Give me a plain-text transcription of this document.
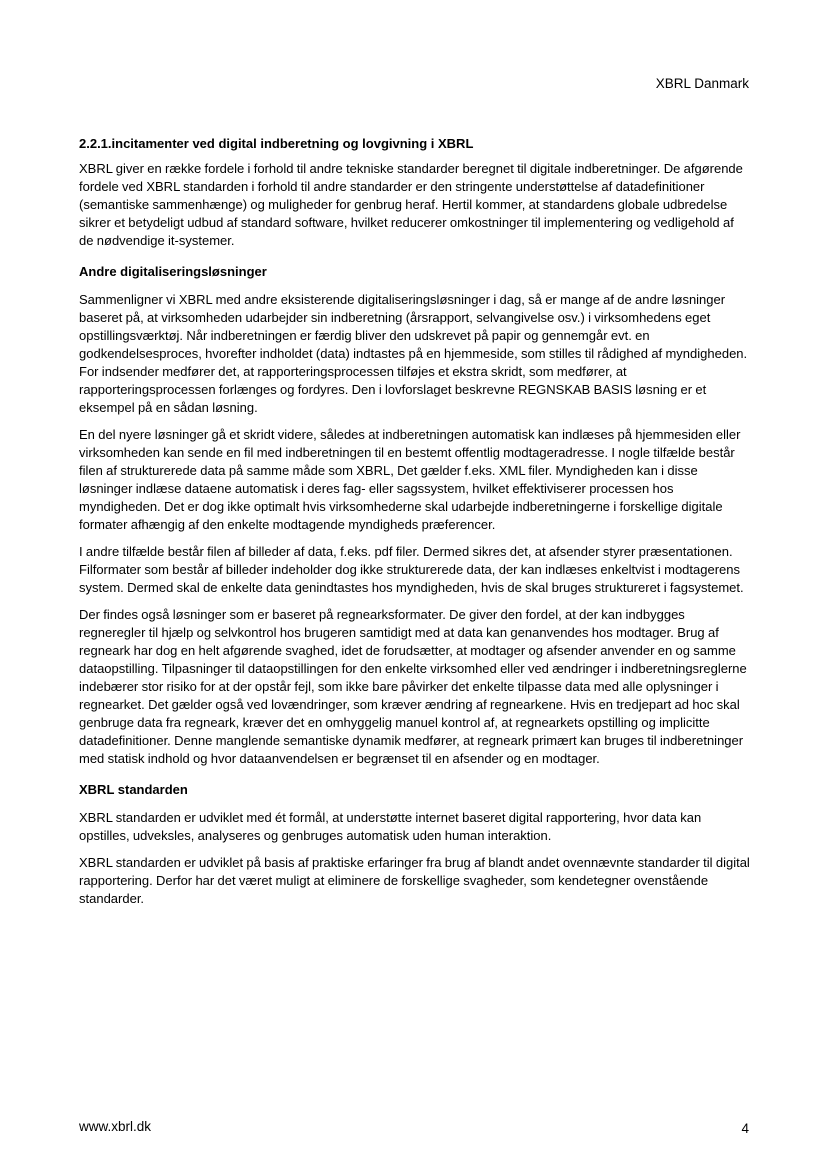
XBRL Danmark
2.2.1.incitamenter ved digital indberetning og lovgivning i XBRL

XBRL giver en række fordele i forhold til andre tekniske standarder beregnet til digitale indberetninger. De afgørende fordele ved XBRL standarden i forhold til andre standarder er den stringente understøttelse af datadefinitioner (semantiske sammenhænge) og muligheder for genbrug heraf. Hertil kommer, at standardens globale udbredelse sikrer et betydeligt udbud af standard software, hvilket reducerer omkostninger til implementering og vedligehold af de nødvendige it-systemer.

Andre digitaliseringsløsninger

Sammenligner vi XBRL med andre eksisterende digitaliseringsløsninger i dag, så er mange af de andre løsninger baseret på, at virksomheden udarbejder sin indberetning (årsrapport, selvangivelse osv.) i virksomhedens eget opstillingsværktøj. Når indberetningen er færdig bliver den udskrevet på papir og gennemgår evt. en godkendelsesproces, hvorefter indholdet (data) indtastes på en hjemmeside, som stilles til rådighed af myndigheden. For indsender medfører det, at rapporteringsprocessen tilføjes et ekstra skridt, som medfører, at rapporteringsprocessen forlænges og fordyres. Den i lovforslaget beskrevne REGNSKAB BASIS løsning er et eksempel på en sådan løsning.

En del nyere løsninger gå et skridt videre, således at indberetningen automatisk kan indlæses på hjemmesiden eller virksomheden kan sende en fil med indberetningen til en bestemt offentlig modtageradresse. I nogle tilfælde består filen af strukturerede data på samme måde som XBRL, Det gælder f.eks. XML filer. Myndigheden kan i disse løsninger indlæse dataene automatisk i deres fag- eller sagssystem, hvilket effektiviserer processen hos myndigheden. Det er dog ikke optimalt hvis virksomhederne skal udarbejde indberetningerne i forskellige digitale formater afhængig af den enkelte modtagende myndigheds præferencer.

I andre tilfælde består filen af billeder af data, f.eks. pdf filer. Dermed sikres det, at afsender styrer præsentationen. Filformater som består af billeder indeholder dog ikke strukturerede data, der kan indlæses enkeltvist i modtagerens system. Dermed skal de enkelte data genindtastes hos myndigheden, hvis de skal bruges struktureret i fagsystemet.

Der findes også løsninger som er baseret på regnearksformater. De giver den fordel, at der kan indbygges regneregler til hjælp og selvkontrol hos brugeren samtidigt med at data kan genanvendes hos modtager. Brug af regneark har dog en helt afgørende svaghed, idet de forudsætter, at modtager og afsender anvender en og samme dataopstilling. Tilpasninger til dataopstillingen for den enkelte virksomhed eller ved ændringer i indberetningsreglerne indebærer stor risiko for at der opstår fejl, som ikke bare påvirker det enkelte tilpasse data med alle oplysninger i regnearket. Det gælder også ved lovændringer, som kræver ændring af regnearkene. Hvis en tredjepart ad hoc skal genbruge data fra regneark, kræver det en omhyggelig manuel kontrol af, at regnearkets opstilling og implicitte datadefinitioner. Denne manglende semantiske dynamik medfører, at regneark primært kan bruges til indberetninger med statisk indhold og hvor dataanvendelsen er begrænset til en afsender og en modtager.

XBRL standarden

XBRL standarden er udviklet med ét formål, at understøtte internet baseret digital rapportering, hvor data kan opstilles, udveksles, analyseres og genbruges automatisk uden human interaktion.

XBRL standarden er udviklet på basis af praktiske erfaringer fra brug af blandt andet ovennævnte standarder til digital rapportering. Derfor har det været muligt at eliminere de forskellige svagheder, som kendetegner ovenstående standarder.

www.xbrl.dk	4
